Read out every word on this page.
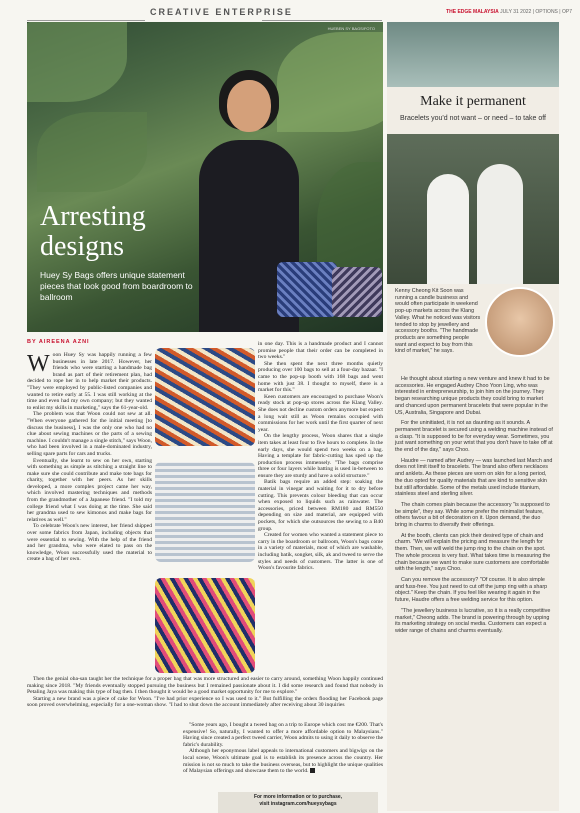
CREATIVE ENTERPRISE	THE EDGE MALAYSIA JULY 31 2022 | OPTIONS | OP7
HUEBEN SY BAGS/FOTO
Arresting
designs
Huey Sy Bags offers unique statement pieces that look good from boardroom to ballroom
BY AIREENA AZNI

Woon Huey Sy was happily running a few businesses in late 2017. However, her friends who were starting a handmade bag brand as part of their retirement plan, had decided to rope her in to help market their products. "They were employed by public-listed companies and wanted to retire early at 55. I was still working at the time and even had my own company; but they wanted to enlist my skills in marketing," says the 61-year-old.

The problem was that Woon could not sew at all. "When everyone gathered for the initial meeting [to discuss the business], I was the only one who had no clue about sewing machines or the parts of a sewing machine. I couldn't manage a single stitch," says Woon, who had been involved in a male-dominated industry, selling spare parts for cars and trucks.

Eventually, she learnt to sew on her own, starting with something as simple as stitching a straight line to make sure she could contribute and make tote bags for charity, together with her peers. As her skills developed, a more complex project came her way, which involved mastering techniques and methods from the grandmother of a Japanese friend. "I told my college friend what I was doing at the time. She said her grandma used to sew kimonos and make bags for relatives as well."

To celebrate Woon's new interest, her friend shipped over some fabrics from Japan, including objects that were essential to sewing. With the help of the friend and her grandma, who were elated to pass on the knowledge, Woon successfully used the material to create a bag of her own.

Then the genial oba-san taught her the technique for a proper bag that was more structured and easier to carry around, something Woon happily continued making since 2018. "My friends eventually stopped pursuing the business but I remained passionate about it. I did some research and found that nobody in Petaling Jaya was making this type of bag then. I then thought it would be a good market opportunity for me to explore."

Starting a new brand was a piece of cake for Woon. "I've had prior experience so I was used to it." But fulfilling the orders flooding her Facebook page soon proved overwhelming, especially for a one-woman show. "I had to shut down the account immediately after receiving about 30 inquiries

in one day. This is a handmade product and I cannot promise people that their order can be completed in two weeks."

She then spent the next three months quietly producing over 100 bags to sell at a four-day bazaar. "I came to the pop-up booth with 168 bags and went home with just 38. I thought to myself, there is a market for this."

Keen customers are encouraged to purchase Woon's ready stock at pop-up stores across the Klang Valley. She does not decline custom orders anymore but expect a long wait still as Woon remains occupied with commissions for her work until the first quarter of next year.

On the lengthy process, Woon shares that a single item takes at least four to five hours to complete. In the early days, she would spend two weeks on a bag. Having a template for fabric-cutting has sped up the production process immensely. "The bags comprise three or four layers while batting is used in-between to ensure they are sturdy and have a solid structure."

Batik bags require an added step: soaking the material in vinegar and waiting for it to dry before cutting. This prevents colour bleeding that can occur when exposed to liquids such as rainwater. The accessories, priced between RM180 and RM550 depending on size and material, are equipped with pockets, for which she outsources the sewing to a B40 group.

Created for women who wanted a statement piece to carry in the boardroom or ballroom, Woon's bags come in a variety of materials, most of which are washable, including batik, songket, silk, ak and tweed to serve the styles and needs of customers. The latter is one of Woon's favourite fabrics.

"Some years ago, I bought a tweed bag on a trip to Europe which cost me €200. That's expensive! So, naturally, I wanted to offer a more affordable option to Malaysians." Having since created a perfect tweed carrier, Woon admits to using it daily to observe the fabric's durability.

Although her eponymous label appeals to international customers and bigwigs on the local scene, Woon's ultimate goal is to establish its presence across the country. Her mission is not so much to take the business overseas, but to highlight the unique qualities of Malaysian offerings and showcase them to the world.

For more information or to purchase,
visit instagram.com/hueysybags
Make it permanent
Bracelets you'd not want – or need – to take off

Kenny Cheong Kit Soon was running a candle business and would often participate in weekend pop-up markets across the Klang Valley. What he noticed was visitors tended to stop by jewellery and accessory booths. "The handmade products are something people want and expect to buy from this kind of market," he says.

He thought about starting a new venture and knew it had to be accessories. He engaged Audrey Choo Yoon Ling, who was interested in entrepreneurship, to join him on the journey. They began researching unique products they could bring to market and chanced upon permanent bracelets that were popular in the US, Australia, Singapore and Dubai.

For the uninitiated, it is not as daunting as it sounds. A permanent bracelet is secured using a welding machine instead of a clasp. "It is supposed to be for everyday wear. Sometimes, you just want something on your wrist that you don't have to take off at the end of the day," says Choo.

Haudre — named after Audrey — was launched last March and does not limit itself to bracelets. The brand also offers necklaces and anklets. As these pieces are worn on skin for a long period, the duo opted for quality materials that are kind to sensitive skin but still affordable. Some of the metals used include titanium, stainless steel and sterling silver.

The chain comes plain because the accessory "is supposed to be simple", they say. While some prefer the minimalist feature, others favour a bit of decoration on it. Upon demand, the duo bring in charms to diversify their offerings.

At the booth, clients can pick their desired type of chain and charm. "We will explain the pricing and measure the length for them. Then, we will weld the jump ring to the chain on the spot. The whole process is very fast. What takes time is measuring the chain because we want to make sure customers are comfortable with the length," says Choo.

Can you remove the accessory? "Of course. It is also simple and fuss-free. You just need to cut off the jump ring with a sharp object." Keep the chain. If you feel like wearing it again in the future, Haudre offers a free welding service for this option.

"The jewellery business is lucrative, so it is a really competitive market," Cheong adds. The brand is powering through by upping its marketing strategy on social media. Customers can expect a wider range of chains and charms eventually.
